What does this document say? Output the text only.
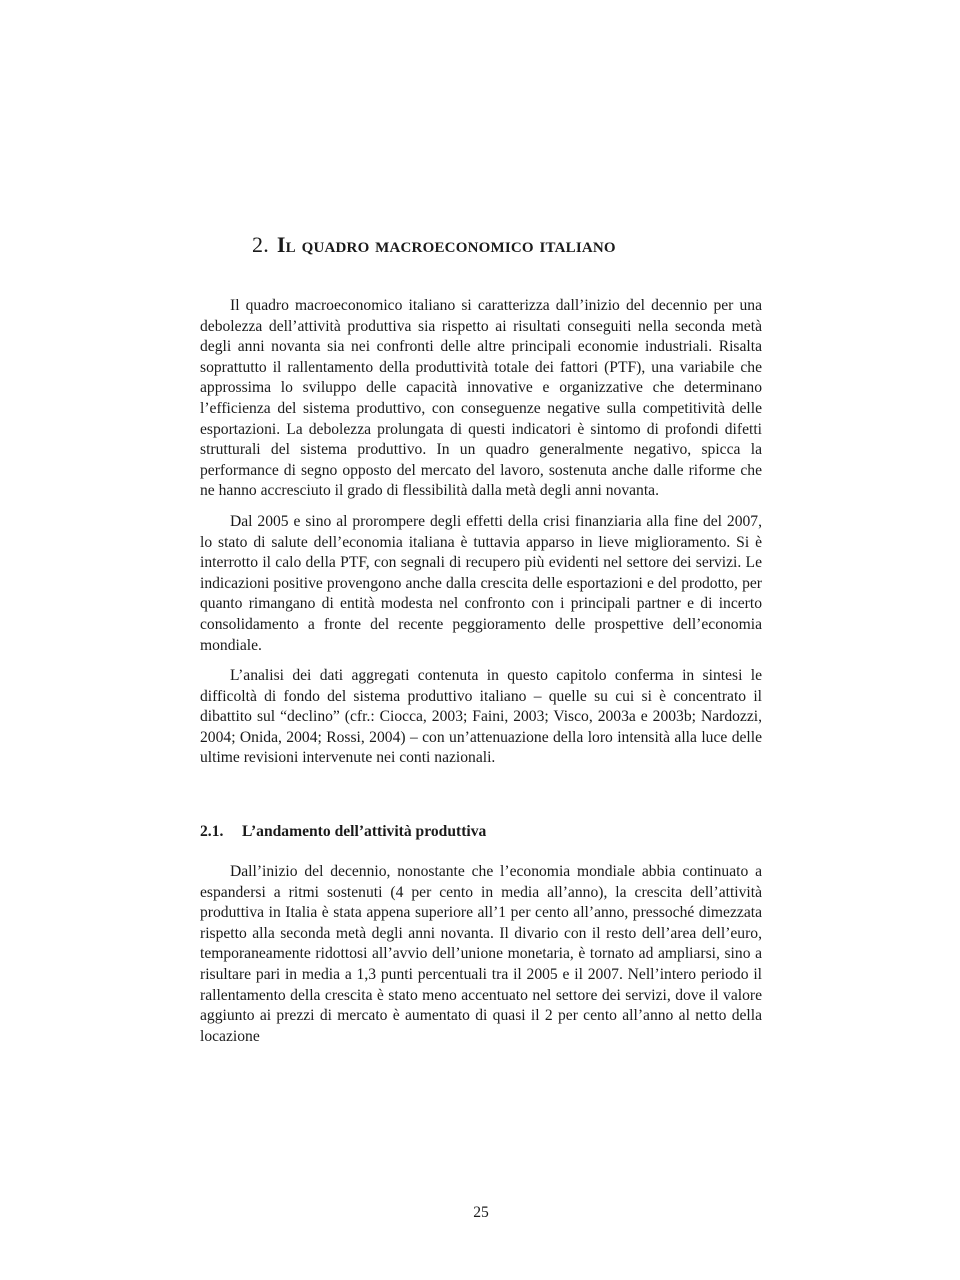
2. Il quadro macroeconomico italiano

Il quadro macroeconomico italiano si caratterizza dall’inizio del decennio per una debolezza dell’attività produttiva sia rispetto ai risultati conseguiti nella seconda metà degli anni novanta sia nei confronti delle altre principali economie industriali. Risalta soprattutto il rallentamento della produttività totale dei fattori (PTF), una variabile che approssima lo sviluppo delle capacità innovative e organizzative che determinano l’efficienza del sistema produttivo, con conseguenze negative sulla competitività delle esportazioni. La debolezza prolungata di questi indicatori è sintomo di profondi difetti strutturali del sistema produttivo. In un quadro generalmente negativo, spicca la performance di segno opposto del mercato del lavoro, sostenuta anche dalle riforme che ne hanno accresciuto il grado di flessibilità dalla metà degli anni novanta.

Dal 2005 e sino al prorompere degli effetti della crisi finanziaria alla fine del 2007, lo stato di salute dell’economia italiana è tuttavia apparso in lieve miglioramento. Si è interrotto il calo della PTF, con segnali di recupero più evidenti nel settore dei servizi. Le indicazioni positive provengono anche dalla crescita delle esportazioni e del prodotto, per quanto rimangano di entità modesta nel confronto con i principali partner e di incerto consolidamento a fronte del recente peggioramento delle prospettive dell’economia mondiale.

L’analisi dei dati aggregati contenuta in questo capitolo conferma in sintesi le difficoltà di fondo del sistema produttivo italiano – quelle su cui si è concentrato il dibattito sul “declino” (cfr.: Ciocca, 2003; Faini, 2003; Visco, 2003a e 2003b; Nardozzi, 2004; Onida, 2004; Rossi, 2004) – con un’attenuazione della loro intensità alla luce delle ultime revisioni intervenute nei conti nazionali.

2.1. L’andamento dell’attività produttiva

Dall’inizio del decennio, nonostante che l’economia mondiale abbia continuato a espandersi a ritmi sostenuti (4 per cento in media all’anno), la crescita dell’attività produttiva in Italia è stata appena superiore all’1 per cento all’anno, pressoché dimezzata rispetto alla seconda metà degli anni novanta. Il divario con il resto dell’area dell’euro, temporaneamente ridottosi all’avvio dell’unione monetaria, è tornato ad ampliarsi, sino a risultare pari in media a 1,3 punti percentuali tra il 2005 e il 2007. Nell’intero periodo il rallentamento della crescita è stato meno accentuato nel settore dei servizi, dove il valore aggiunto ai prezzi di mercato è aumentato di quasi il 2 per cento all’anno al netto della locazione

25
